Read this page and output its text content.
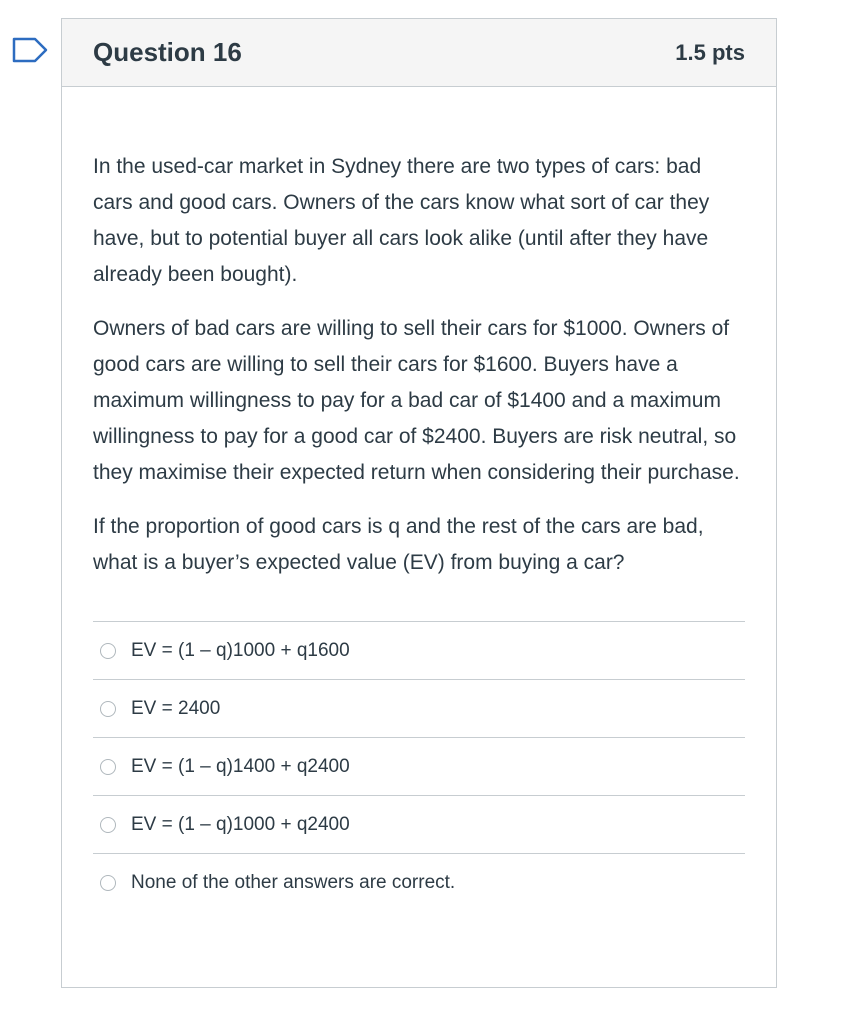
Question 16	1.5 pts

In the used-car market in Sydney there are two types of cars: bad cars and good cars. Owners of the cars know what sort of car they have, but to potential buyer all cars look alike (until after they have already been bought).

Owners of bad cars are willing to sell their cars for $1000. Owners of good cars are willing to sell their cars for $1600. Buyers have a maximum willingness to pay for a bad car of $1400 and a maximum willingness to pay for a good car of $2400. Buyers are risk neutral, so they maximise their expected return when considering their purchase.

If the proportion of good cars is q and the rest of the cars are bad, what is a buyer’s expected value (EV) from buying a car?

EV = (1 – q)1000 + q1600
EV = 2400
EV = (1 – q)1400 + q2400
EV = (1 – q)1000 + q2400
None of the other answers are correct.
